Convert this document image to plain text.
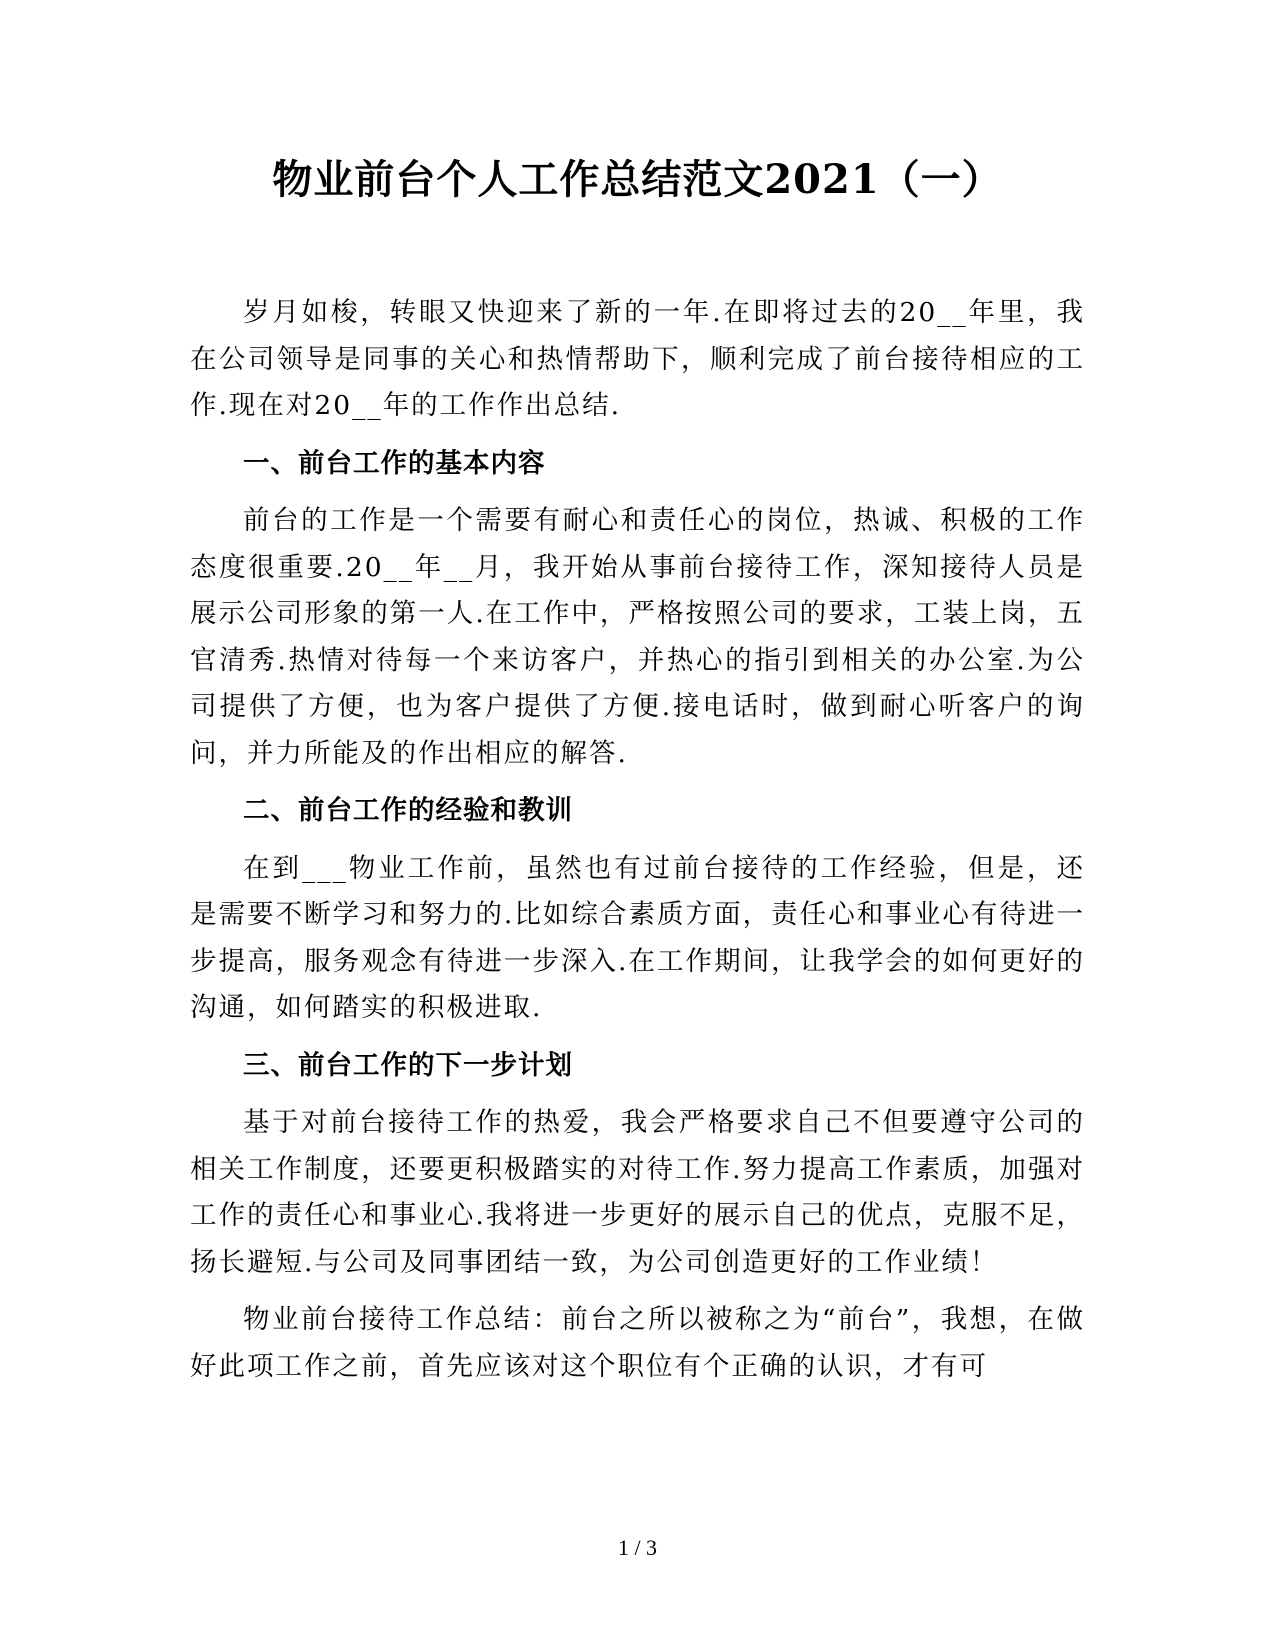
物业前台个人工作总结范文2021（一）

岁月如梭，转眼又快迎来了新的一年.在即将过去的20__年里，我在公司领导是同事的关心和热情帮助下，顺利完成了前台接待相应的工作.现在对20__年的工作作出总结.

一、前台工作的基本内容

前台的工作是一个需要有耐心和责任心的岗位，热诚、积极的工作态度很重要.20__年__月，我开始从事前台接待工作，深知接待人员是展示公司形象的第一人.在工作中，严格按照公司的要求，工装上岗，五官清秀.热情对待每一个来访客户，并热心的指引到相关的办公室.为公司提供了方便，也为客户提供了方便.接电话时，做到耐心听客户的询问，并力所能及的作出相应的解答.

二、前台工作的经验和教训

在到___物业工作前，虽然也有过前台接待的工作经验，但是，还是需要不断学习和努力的.比如综合素质方面，责任心和事业心有待进一步提高，服务观念有待进一步深入.在工作期间，让我学会的如何更好的沟通，如何踏实的积极进取.

三、前台工作的下一步计划

基于对前台接待工作的热爱，我会严格要求自己不但要遵守公司的相关工作制度，还要更积极踏实的对待工作.努力提高工作素质，加强对工作的责任心和事业心.我将进一步更好的展示自己的优点，克服不足，扬长避短.与公司及同事团结一致，为公司创造更好的工作业绩！

物业前台接待工作总结：前台之所以被称之为“前台”，我想，在做好此项工作之前，首先应该对这个职位有个正确的认识，才有可

1 / 3
